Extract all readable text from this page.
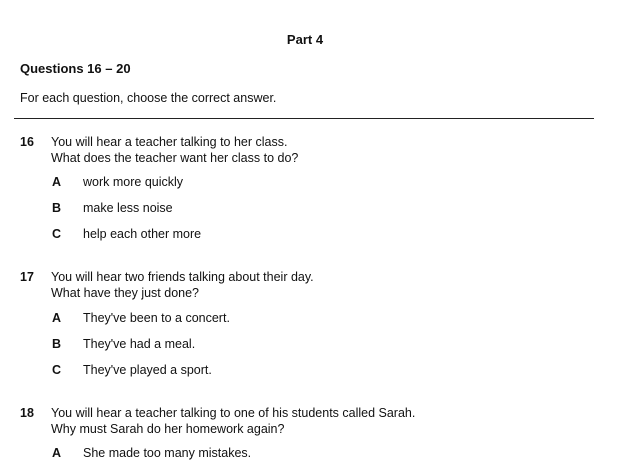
Part 4
Questions 16 – 20
For each question, choose the correct answer.
16 You will hear a teacher talking to her class.
What does the teacher want her class to do?
A work more quickly
B make less noise
C help each other more
17 You will hear two friends talking about their day.
What have they just done?
A They've been to a concert.
B They've had a meal.
C They've played a sport.
18 You will hear a teacher talking to one of his students called Sarah.
Why must Sarah do her homework again?
A She made too many mistakes.
